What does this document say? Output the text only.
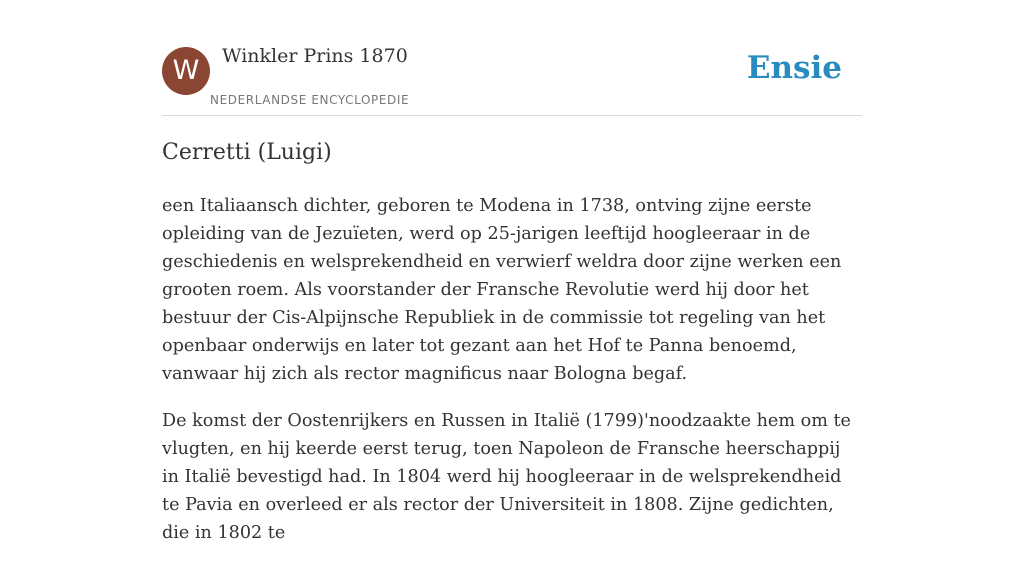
W	Winkler Prins 1870
NEDERLANDSE ENCYCLOPEDIE
Ensie
Cerretti (Luigi)

een Italiaansch dichter, geboren te Modena in 1738, ontving zijne eerste opleiding van de Jezuïeten, werd op 25-jarigen leeftijd hoogleeraar in de geschiedenis en welsprekendheid en verwierf weldra door zijne werken een grooten roem. Als voorstander der Fransche Revolutie werd hij door het bestuur der Cis-Alpijnsche Republiek in de commissie tot regeling van het openbaar onderwijs en later tot gezant aan het Hof te Panna benoemd, vanwaar hij zich als rector magnificus naar Bologna begaf.

De komst der Oostenrijkers en Russen in Italië (1799)'noodzaakte hem om te vlugten, en hij keerde eerst terug, toen Napoleon de Fransche heerschappij in Italië bevestigd had. In 1804 werd hij hoogleeraar in de welsprekendheid te Pavia en overleed er als rector der Universiteit in 1808. Zijne gedichten, die in 1802 te
